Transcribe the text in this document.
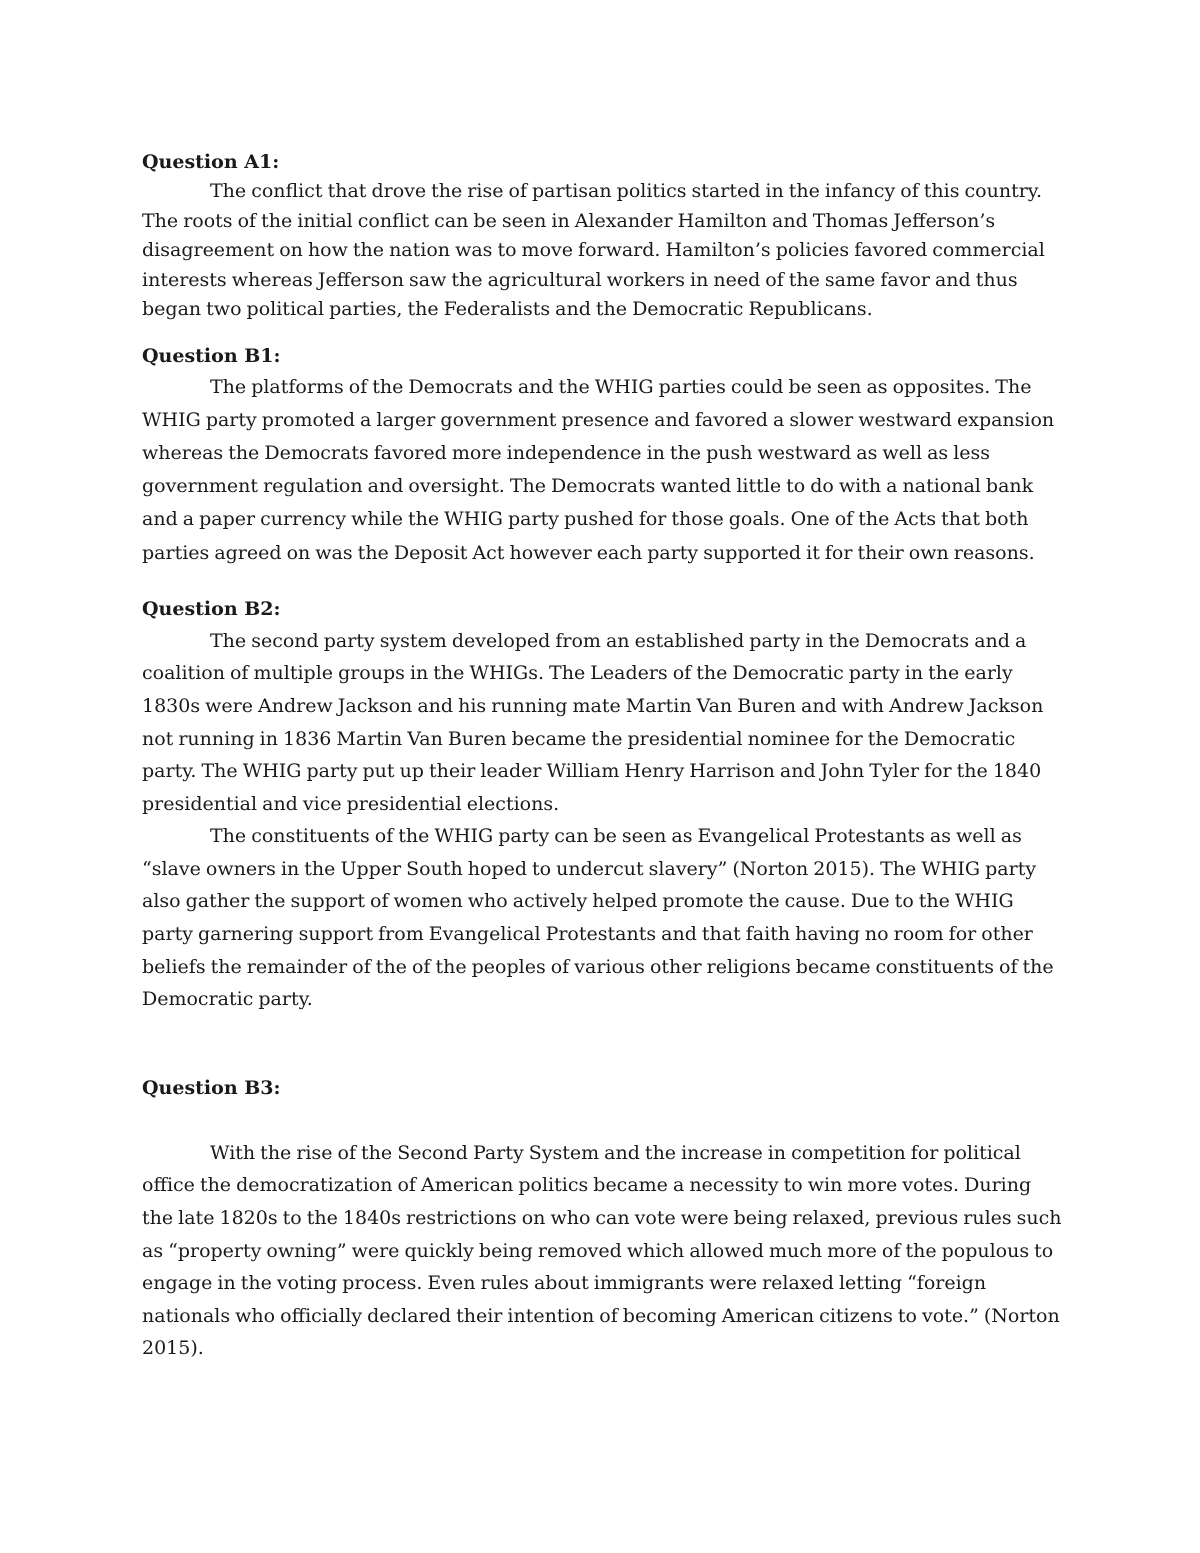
Question A1:

The conflict that drove the rise of partisan politics started in the infancy of this country. The roots of the initial conflict can be seen in Alexander Hamilton and Thomas Jefferson’s disagreement on how the nation was to move forward. Hamilton’s policies favored commercial interests whereas Jefferson saw the agricultural workers in need of the same favor and thus began two political parties, the Federalists and the Democratic Republicans.

Question B1:

The platforms of the Democrats and the WHIG parties could be seen as opposites. The WHIG party promoted a larger government presence and favored a slower westward expansion whereas the Democrats favored more independence in the push westward as well as less government regulation and oversight. The Democrats wanted little to do with a national bank and a paper currency while the WHIG party pushed for those goals. One of the Acts that both parties agreed on was the Deposit Act however each party supported it for their own reasons.

Question B2:

The second party system developed from an established party in the Democrats and a coalition of multiple groups in the WHIGs. The Leaders of the Democratic party in the early 1830s were Andrew Jackson and his running mate Martin Van Buren and with Andrew Jackson not running in 1836 Martin Van Buren became the presidential nominee for the Democratic party. The WHIG party put up their leader William Henry Harrison and John Tyler for the 1840 presidential and vice presidential elections.

The constituents of the WHIG party can be seen as Evangelical Protestants as well as “slave owners in the Upper South hoped to undercut slavery” (Norton 2015). The WHIG party also gather the support of women who actively helped promote the cause. Due to the WHIG party garnering support from Evangelical Protestants and that faith having no room for other beliefs the remainder of the of the peoples of various other religions became constituents of the Democratic party.

Question B3:

With the rise of the Second Party System and the increase in competition for political office the democratization of American politics became a necessity to win more votes. During the late 1820s to the 1840s restrictions on who can vote were being relaxed, previous rules such as “property owning” were quickly being removed which allowed much more of the populous to engage in the voting process. Even rules about immigrants were relaxed letting “foreign nationals who officially declared their intention of becoming American citizens to vote.” (Norton 2015).
